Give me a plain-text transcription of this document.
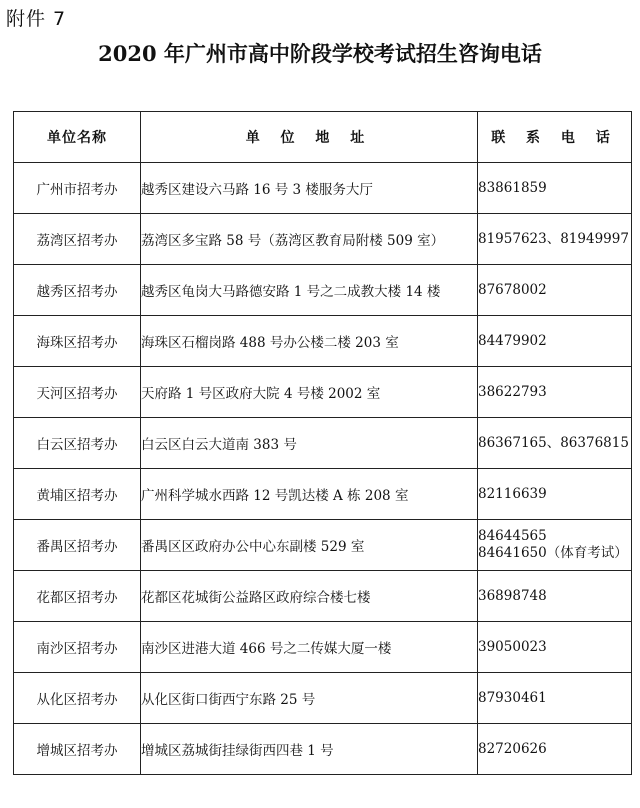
附件 7
2020 年广州市高中阶段学校考试招生咨询电话
单位名称	单 位 地 址	联 系 电 话
广州市招考办	越秀区建设六马路 16 号 3 楼服务大厅	83861859

荔湾区招考办	荔湾区多宝路 58 号（荔湾区教育局附楼 509 室）	81957623、81949997

越秀区招考办	越秀区龟岗大马路德安路 1 号之二成教大楼 14 楼	87678002

海珠区招考办	海珠区石榴岗路 488 号办公楼二楼 203 室	84479902

天河区招考办	天府路 1 号区政府大院 4 号楼 2002 室	38622793

白云区招考办	白云区白云大道南 383 号	86367165、86376815

黄埔区招考办	广州科学城水西路 12 号凯达楼 A 栋 208 室	82116639

番禺区招考办	番禺区区政府办公中心东副楼 529 室	84644565
84641650（体育考试）

花都区招考办	花都区花城街公益路区政府综合楼七楼	36898748

南沙区招考办	南沙区进港大道 466 号之二传媒大厦一楼	39050023

从化区招考办	从化区街口街西宁东路 25 号	87930461

增城区招考办	增城区荔城街挂绿街西四巷 1 号	82720626
